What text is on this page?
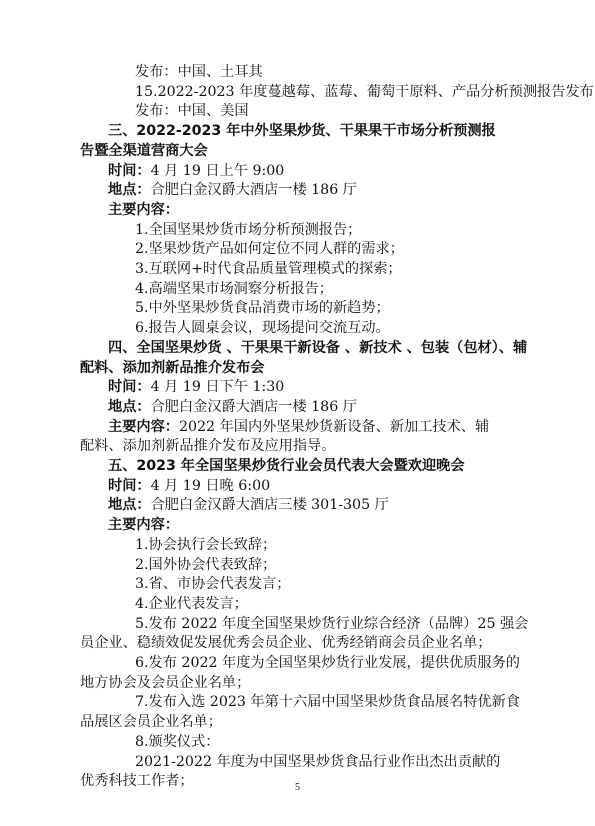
5
发布：中国、土耳其
15.2022-2023 年度蔓越莓、蓝莓、葡萄干原料、产品分析预测报告发布
发布：中国、美国
三、2022-2023 年中外坚果炒货、干果果干市场分析预测报
告暨全渠道营商大会
时间：4 月 19 日上午 9:00
地点：合肥白金汉爵大酒店一楼 186 厅
主要内容：
1.全国坚果炒货市场分析预测报告；
2.坚果炒货产品如何定位不同人群的需求；
3.互联网+时代食品质量管理模式的探索；
4.高端坚果市场洞察分析报告；
5.中外坚果炒货食品消费市场的新趋势；
6.报告人圆桌会议，现场提问交流互动。
四、全国坚果炒货 、干果果干新设备 、新技术 、包装（包材）、辅
配料、添加剂新品推介发布会
时间：4 月 19 日下午 1:30
地点：合肥白金汉爵大酒店一楼 186 厅
主要内容：2022 年国内外坚果炒货新设备、新加工技术、辅
配料、添加剂新品推介发布及应用指导。
五、2023 年全国坚果炒货行业会员代表大会暨欢迎晚会
时间：4 月 19 日晚 6:00
地点：合肥白金汉爵大酒店三楼 301-305 厅
主要内容：
1.协会执行会长致辞；
2.国外协会代表致辞；
3.省、市协会代表发言；
4.企业代表发言；
5.发布 2022 年度全国坚果炒货行业综合经济（品牌）25 强会
员企业、稳绩效促发展优秀会员企业、优秀经销商会员企业名单；
6.发布 2022 年度为全国坚果炒货行业发展，提供优质服务的
地方协会及会员企业名单；
7.发布入选 2023 年第十六届中国坚果炒货食品展名特优新食
品展区会员企业名单；
8.颁奖仪式：
2021-2022 年度为中国坚果炒货食品行业作出杰出贡献的
优秀科技工作者；
